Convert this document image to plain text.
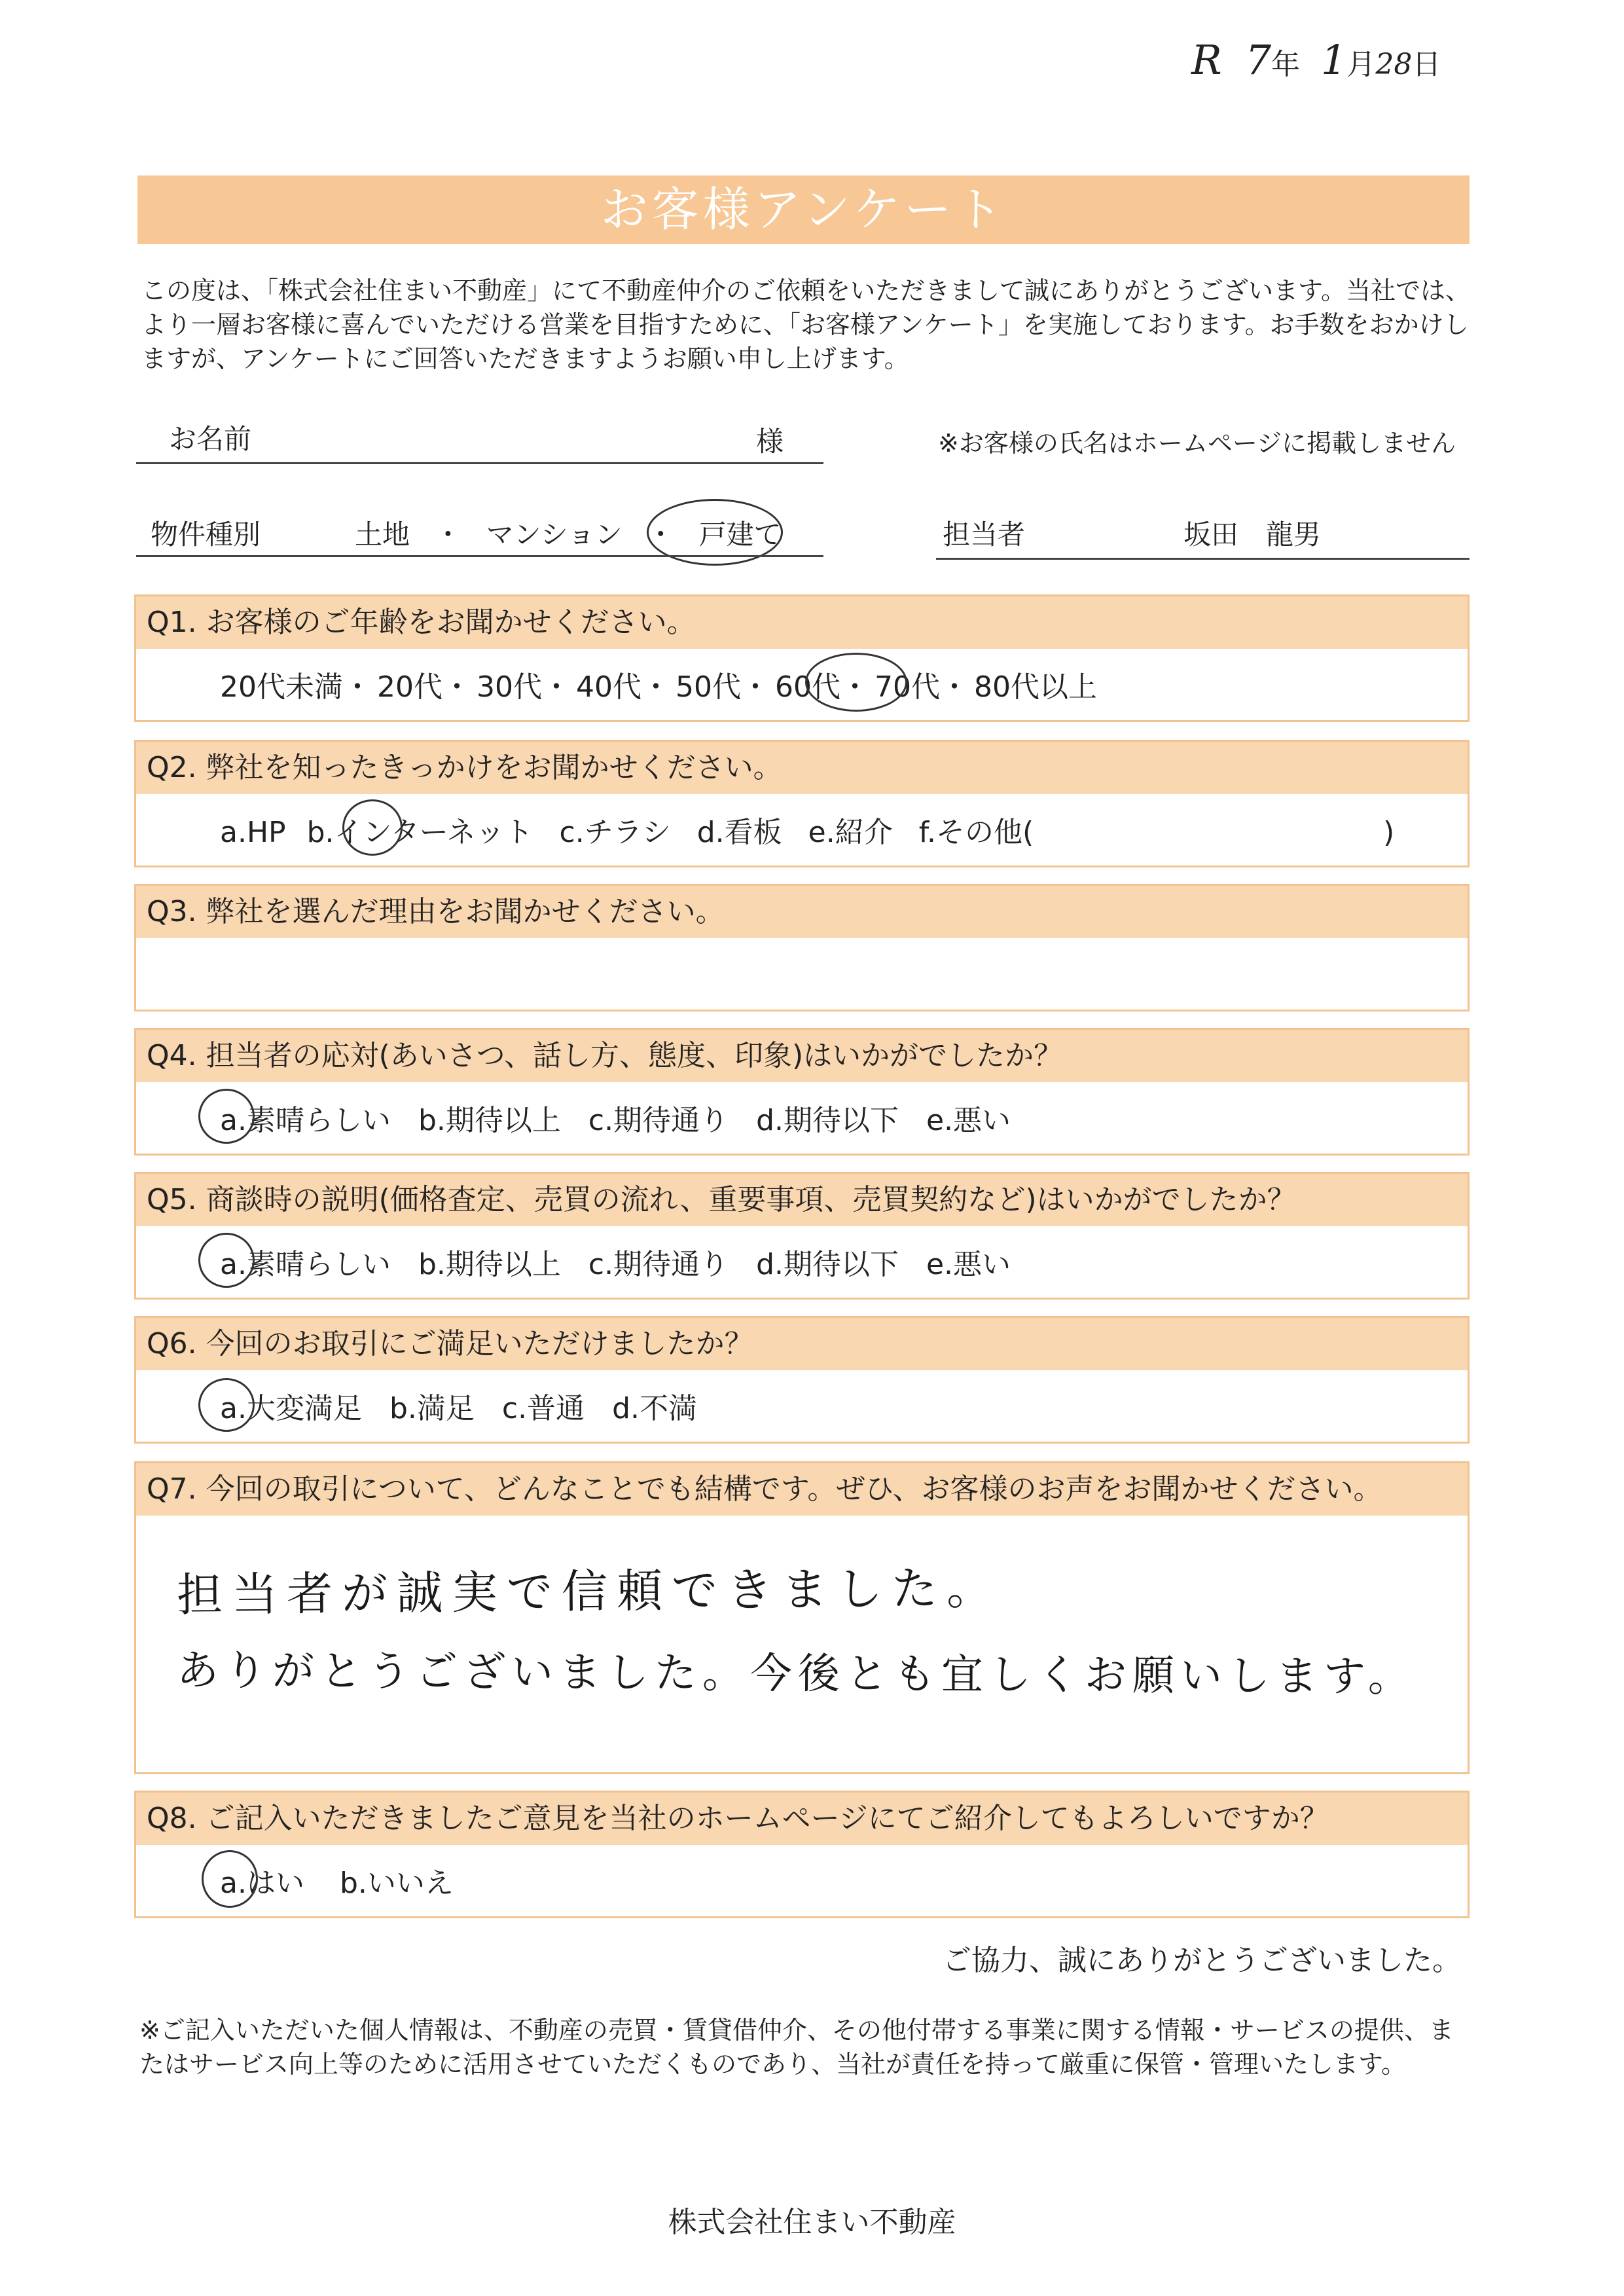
R 7年 1月28日
お客様アンケート
この度は、「株式会社住まい不動産」にて不動産仲介のご依頼をいただきまして誠にありがとうございます。当社では、より一層お客様に喜んでいただける営業を目指すために、「お客様アンケート」を実施しております。お手数をおかけしますが、アンケートにご回答いただきますようお願い申し上げます。
お名前	様	※お客様の氏名はホームページに掲載しません
物件種別	土地 ・ マンション ・ 戸建て	担当者	坂田　龍男
Q1. お客様のご年齢をお聞かせください。
20代未満・ 20代・ 30代・ 40代・ 50代・ 60代・ 70代・ 80代以上
Q2. 弊社を知ったきっかけをお聞かせください。
a.HP b.インターネット c.チラシ d.看板 e.紹介 f.その他(	)
Q3. 弊社を選んだ理由をお聞かせください。
Q4. 担当者の応対(あいさつ、話し方、態度、印象)はいかがでしたか？
a.素晴らしい b.期待以上 c.期待通り d.期待以下 e.悪い
Q5. 商談時の説明(価格査定、売買の流れ、重要事項、売買契約など)はいかがでしたか？
a.素晴らしい b.期待以上 c.期待通り d.期待以下 e.悪い
Q6. 今回のお取引にご満足いただけましたか？
a.大変満足 b.満足 c.普通 d.不満
Q7. 今回の取引について、どんなことでも結構です。ぜひ、お客様のお声をお聞かせください。
担当者が誠実で信頼できました。
ありがとうございました。今後とも宜しくお願いします。
Q8. ご記入いただきましたご意見を当社のホームページにてご紹介してもよろしいですか？
a.はい b.いいえ
ご協力、誠にありがとうございました。
※ご記入いただいた個人情報は、不動産の売買・賃貸借仲介、その他付帯する事業に関する情報・サービスの提供、またはサービス向上等のために活用させていただくものであり、当社が責任を持って厳重に保管・管理いたします。
株式会社住まい不動産
